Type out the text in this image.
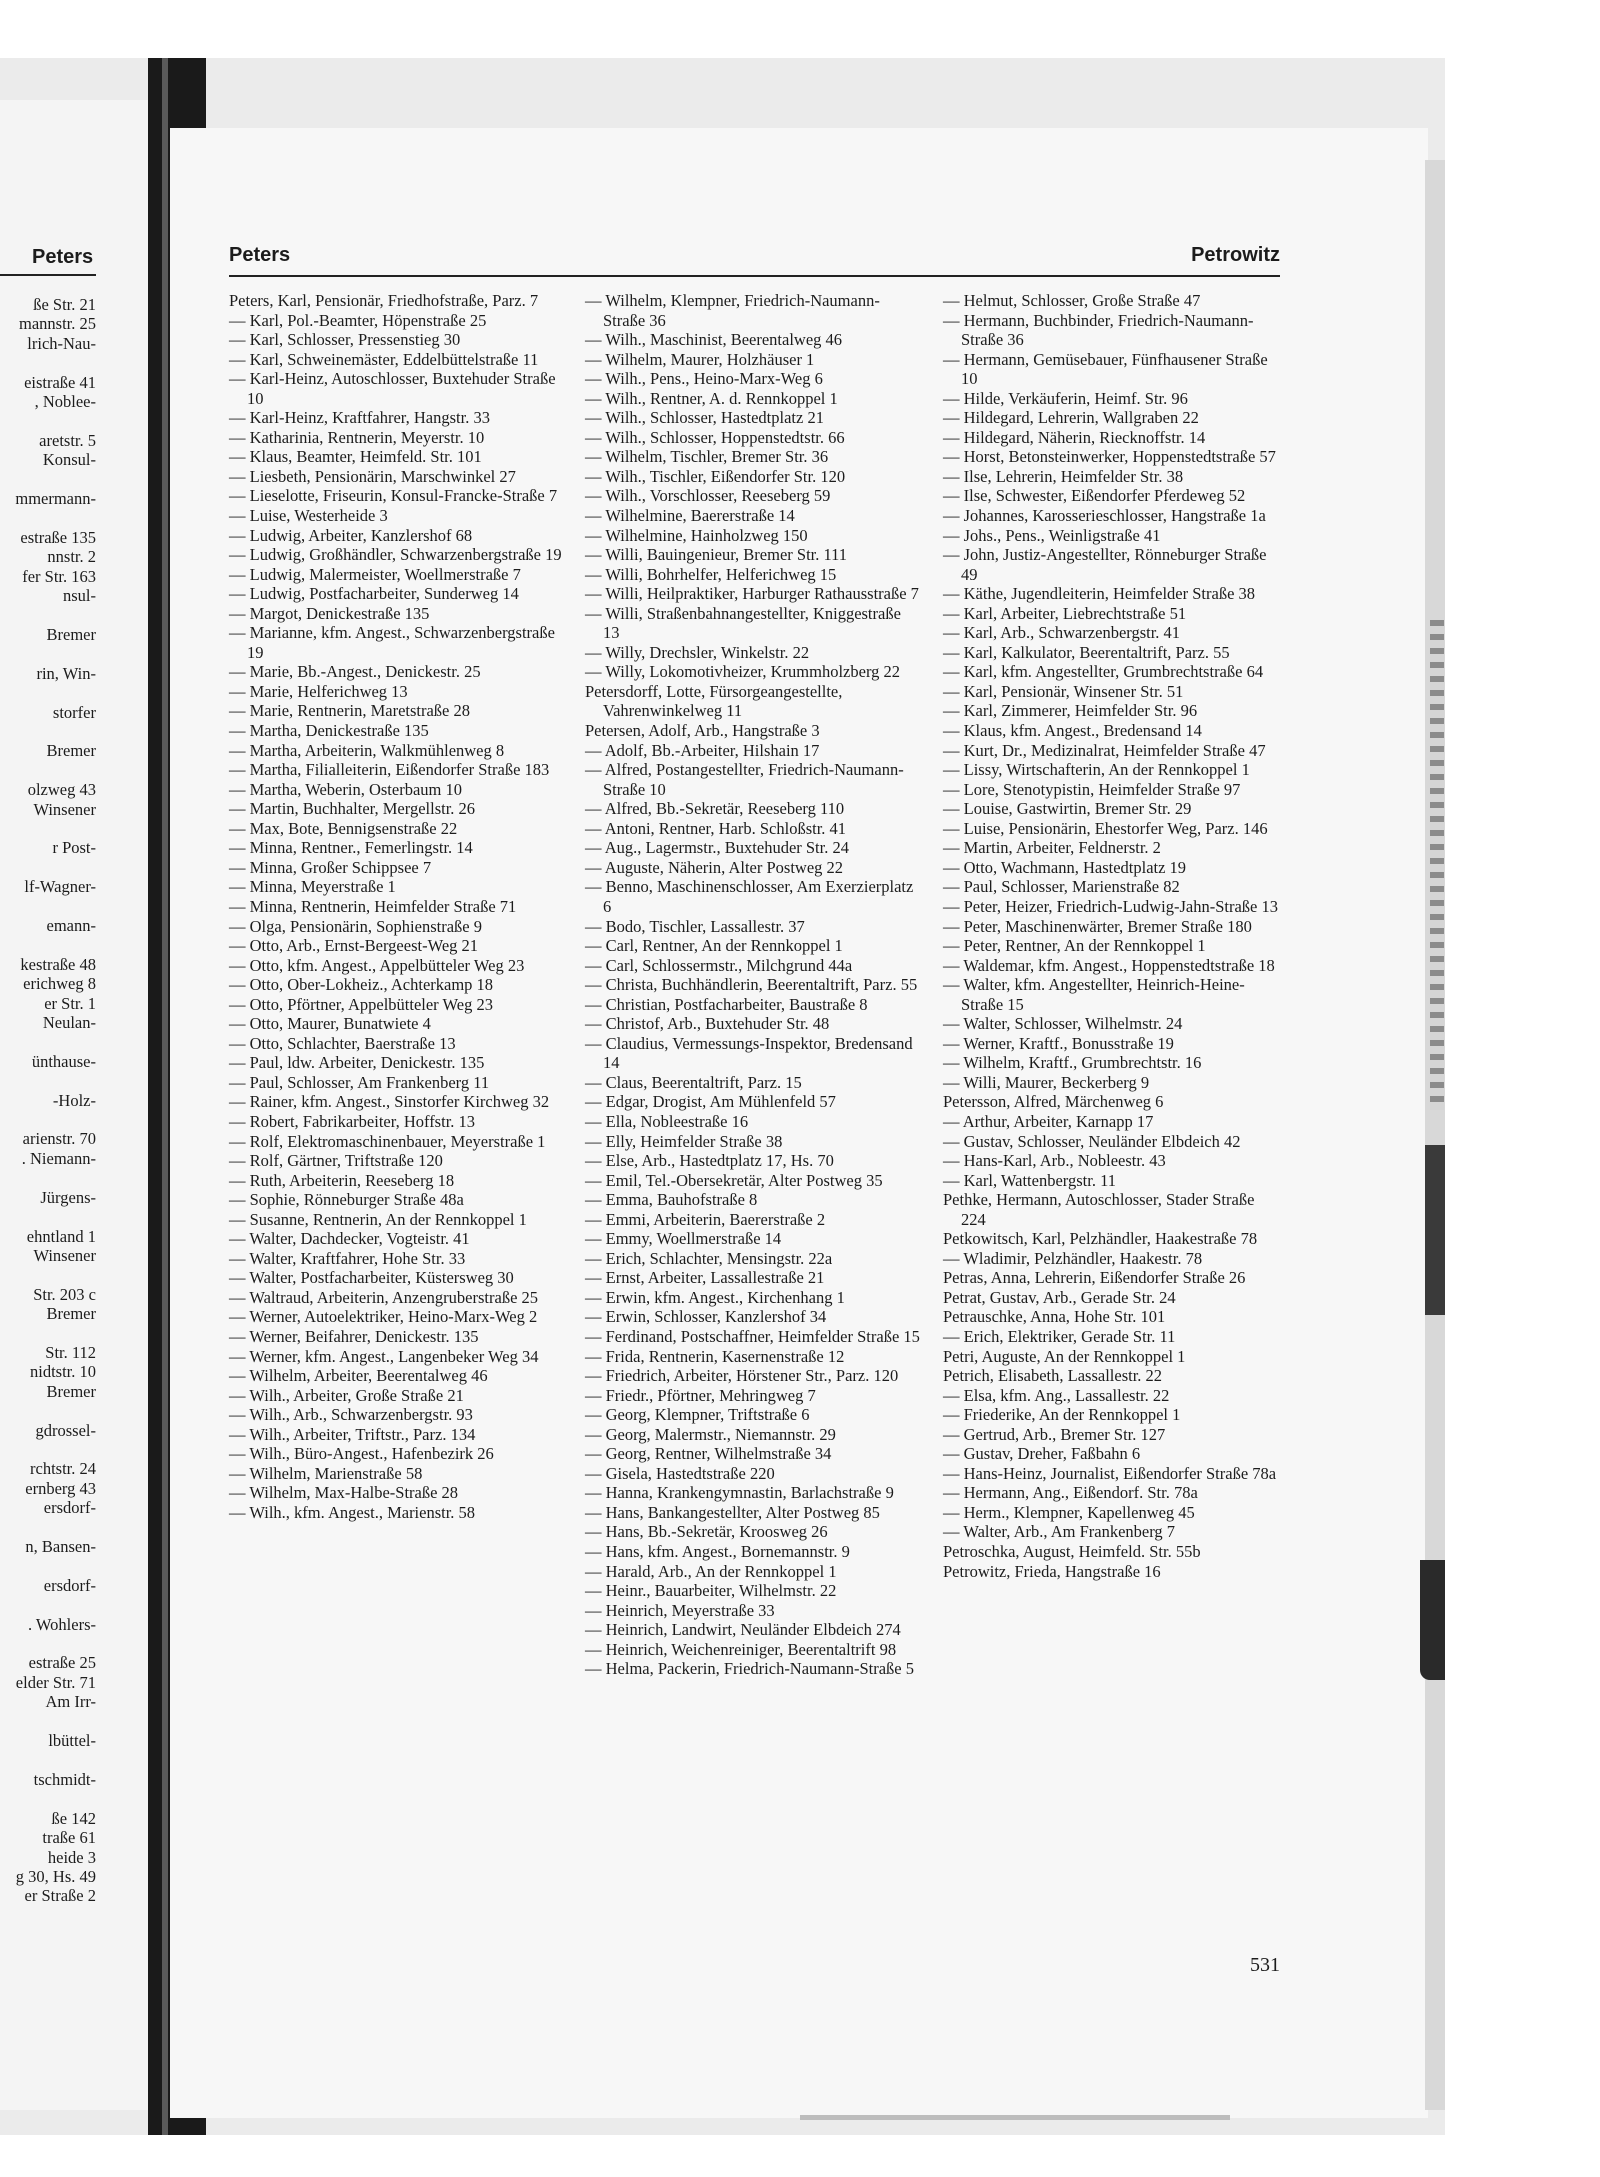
Peters
ße Str. 21
mannstr. 25
lrich-Nau-

eistraße 41
, Noblee-

aretstr. 5
Konsul-

mmermann-

estraße 135
nnstr. 2
fer Str. 163
nsul-

Bremer

rin, Win-

storfer

Bremer

olzweg 43
Winsener

r Post-

lf-Wagner-

emann-

kestraße 48
erichweg 8
er Str. 1
Neulan-

ünthause-

-Holz-

arienstr. 70
. Niemann-

Jürgens-

ehntland 1
Winsener

Str. 203 c
Bremer

Str. 112
nidtstr. 10
Bremer

gdrossel-

rchtstr. 24
ernberg 43
ersdorf-

n, Bansen-

ersdorf-

. Wohlers-

estraße 25
elder Str. 71
Am Irr-

lbüttel-

tschmidt-

ße 142
traße 61
heide 3
g 30, Hs. 49
er Straße 2
Peters	Petrowitz

Peters, Karl, Pensionär, Friedhofstraße, Parz. 7

— Karl, Pol.-Beamter, Höpenstraße 25

— Karl, Schlosser, Pressenstieg 30

— Karl, Schweinemäster, Eddelbüttelstraße 11

— Karl-Heinz, Autoschlosser, Buxtehuder Straße 10

— Karl-Heinz, Kraftfahrer, Hangstr. 33

— Katharinia, Rentnerin, Meyerstr. 10

— Klaus, Beamter, Heimfeld. Str. 101

— Liesbeth, Pensionärin, Marschwinkel 27

— Lieselotte, Friseurin, Konsul-Francke-Straße 7

— Luise, Westerheide 3

— Ludwig, Arbeiter, Kanzlershof 68

— Ludwig, Großhändler, Schwarzenbergstraße 19

— Ludwig, Malermeister, Woellmerstraße 7

— Ludwig, Postfacharbeiter, Sunderweg 14

— Margot, Denickestraße 135

— Marianne, kfm. Angest., Schwarzenbergstraße 19

— Marie, Bb.-Angest., Denickestr. 25

— Marie, Helferichweg 13

— Marie, Rentnerin, Maretstraße 28

— Martha, Denickestraße 135

— Martha, Arbeiterin, Walkmühlenweg 8

— Martha, Filialleiterin, Eißendorfer Straße 183

— Martha, Weberin, Osterbaum 10

— Martin, Buchhalter, Mergellstr. 26

— Max, Bote, Bennigsenstraße 22

— Minna, Rentner., Femerlingstr. 14

— Minna, Großer Schippsee 7

— Minna, Meyerstraße 1

— Minna, Rentnerin, Heimfelder Straße 71

— Olga, Pensionärin, Sophienstraße 9

— Otto, Arb., Ernst-Bergeest-Weg 21

— Otto, kfm. Angest., Appelbütteler Weg 23

— Otto, Ober-Lokheiz., Achterkamp 18

— Otto, Pförtner, Appelbütteler Weg 23

— Otto, Maurer, Bunatwiete 4

— Otto, Schlachter, Baerstraße 13

— Paul, ldw. Arbeiter, Denickestr. 135

— Paul, Schlosser, Am Frankenberg 11

— Rainer, kfm. Angest., Sinstorfer Kirchweg 32

— Robert, Fabrikarbeiter, Hoffstr. 13

— Rolf, Elektromaschinenbauer, Meyerstraße 1

— Rolf, Gärtner, Triftstraße 120

— Ruth, Arbeiterin, Reeseberg 18

— Sophie, Rönneburger Straße 48a

— Susanne, Rentnerin, An der Rennkoppel 1

— Walter, Dachdecker, Vogteistr. 41

— Walter, Kraftfahrer, Hohe Str. 33

— Walter, Postfacharbeiter, Küstersweg 30

— Waltraud, Arbeiterin, Anzengruberstraße 25

— Werner, Autoelektriker, Heino-Marx-Weg 2

— Werner, Beifahrer, Denickestr. 135

— Werner, kfm. Angest., Langenbeker Weg 34

— Wilhelm, Arbeiter, Beerentalweg 46

— Wilh., Arbeiter, Große Straße 21

— Wilh., Arb., Schwarzenbergstr. 93

— Wilh., Arbeiter, Triftstr., Parz. 134

— Wilh., Büro-Angest., Hafenbezirk 26

— Wilhelm, Marienstraße 58

— Wilhelm, Max-Halbe-Straße 28

— Wilh., kfm. Angest., Marienstr. 58

— Wilhelm, Klempner, Friedrich-Naumann-Straße 36

— Wilh., Maschinist, Beerentalweg 46

— Wilhelm, Maurer, Holzhäuser 1

— Wilh., Pens., Heino-Marx-Weg 6

— Wilh., Rentner, A. d. Rennkoppel 1

— Wilh., Schlosser, Hastedtplatz 21

— Wilh., Schlosser, Hoppenstedtstr. 66

— Wilhelm, Tischler, Bremer Str. 36

— Wilh., Tischler, Eißendorfer Str. 120

— Wilh., Vorschlosser, Reeseberg 59

— Wilhelmine, Baererstraße 14

— Wilhelmine, Hainholzweg 150

— Willi, Bauingenieur, Bremer Str. 111

— Willi, Bohrhelfer, Helferichweg 15

— Willi, Heilpraktiker, Harburger Rathausstraße 7

— Willi, Straßenbahnangestellter, Kniggestraße 13

— Willy, Drechsler, Winkelstr. 22

— Willy, Lokomotivheizer, Krummholzberg 22

Petersdorff, Lotte, Fürsorgeangestellte, Vahrenwinkelweg 11

Petersen, Adolf, Arb., Hangstraße 3

— Adolf, Bb.-Arbeiter, Hilshain 17

— Alfred, Postangestellter, Friedrich-Naumann-Straße 10

— Alfred, Bb.-Sekretär, Reeseberg 110

— Antoni, Rentner, Harb. Schloßstr. 41

— Aug., Lagermstr., Buxtehuder Str. 24

— Auguste, Näherin, Alter Postweg 22

— Benno, Maschinenschlosser, Am Exerzierplatz 6

— Bodo, Tischler, Lassallestr. 37

— Carl, Rentner, An der Rennkoppel 1

— Carl, Schlossermstr., Milchgrund 44a

— Christa, Buchhändlerin, Beerentaltrift, Parz. 55

— Christian, Postfacharbeiter, Baustraße 8

— Christof, Arb., Buxtehuder Str. 48

— Claudius, Vermessungs-Inspektor, Bredensand 14

— Claus, Beerentaltrift, Parz. 15

— Edgar, Drogist, Am Mühlenfeld 57

— Ella, Nobleestraße 16

— Elly, Heimfelder Straße 38

— Else, Arb., Hastedtplatz 17, Hs. 70

— Emil, Tel.-Obersekretär, Alter Postweg 35

— Emma, Bauhofstraße 8

— Emmi, Arbeiterin, Baererstraße 2

— Emmy, Woellmerstraße 14

— Erich, Schlachter, Mensingstr. 22a

— Ernst, Arbeiter, Lassallestraße 21

— Erwin, kfm. Angest., Kirchenhang 1

— Erwin, Schlosser, Kanzlershof 34

— Ferdinand, Postschaffner, Heimfelder Straße 15

— Frida, Rentnerin, Kasernenstraße 12

— Friedrich, Arbeiter, Hörstener Str., Parz. 120

— Friedr., Pförtner, Mehringweg 7

— Georg, Klempner, Triftstraße 6

— Georg, Malermstr., Niemannstr. 29

— Georg, Rentner, Wilhelmstraße 34

— Gisela, Hastedtstraße 220

— Hanna, Krankengymnastin, Barlachstraße 9

— Hans, Bankangestellter, Alter Postweg 85

— Hans, Bb.-Sekretär, Kroosweg 26

— Hans, kfm. Angest., Bornemannstr. 9

— Harald, Arb., An der Rennkoppel 1

— Heinr., Bauarbeiter, Wilhelmstr. 22

— Heinrich, Meyerstraße 33

— Heinrich, Landwirt, Neuländer Elbdeich 274

— Heinrich, Weichenreiniger, Beerentaltrift 98

— Helma, Packerin, Friedrich-Naumann-Straße 5

— Helmut, Schlosser, Große Straße 47

— Hermann, Buchbinder, Friedrich-Naumann-Straße 36

— Hermann, Gemüsebauer, Fünfhausener Straße 10

— Hilde, Verkäuferin, Heimf. Str. 96

— Hildegard, Lehrerin, Wallgraben 22

— Hildegard, Näherin, Riecknoffstr. 14

— Horst, Betonsteinwerker, Hoppenstedtstraße 57

— Ilse, Lehrerin, Heimfelder Str. 38

— Ilse, Schwester, Eißendorfer Pferdeweg 52

— Johannes, Karosserieschlosser, Hangstraße 1a

— Johs., Pens., Weinligstraße 41

— John, Justiz-Angestellter, Rönneburger Straße 49

— Käthe, Jugendleiterin, Heimfelder Straße 38

— Karl, Arbeiter, Liebrechtstraße 51

— Karl, Arb., Schwarzenbergstr. 41

— Karl, Kalkulator, Beerentaltrift, Parz. 55

— Karl, kfm. Angestellter, Grumbrechtstraße 64

— Karl, Pensionär, Winsener Str. 51

— Karl, Zimmerer, Heimfelder Str. 96

— Klaus, kfm. Angest., Bredensand 14

— Kurt, Dr., Medizinalrat, Heimfelder Straße 47

— Lissy, Wirtschafterin, An der Rennkoppel 1

— Lore, Stenotypistin, Heimfelder Straße 97

— Louise, Gastwirtin, Bremer Str. 29

— Luise, Pensionärin, Ehestorfer Weg, Parz. 146

— Martin, Arbeiter, Feldnerstr. 2

— Otto, Wachmann, Hastedtplatz 19

— Paul, Schlosser, Marienstraße 82

— Peter, Heizer, Friedrich-Ludwig-Jahn-Straße 13

— Peter, Maschinenwärter, Bremer Straße 180

— Peter, Rentner, An der Rennkoppel 1

— Waldemar, kfm. Angest., Hoppenstedtstraße 18

— Walter, kfm. Angestellter, Heinrich-Heine-Straße 15

— Walter, Schlosser, Wilhelmstr. 24

— Werner, Kraftf., Bonusstraße 19

— Wilhelm, Kraftf., Grumbrechtstr. 16

— Willi, Maurer, Beckerberg 9

Petersson, Alfred, Märchenweg 6

— Arthur, Arbeiter, Karnapp 17

— Gustav, Schlosser, Neuländer Elbdeich 42

— Hans-Karl, Arb., Nobleestr. 43

— Karl, Wattenbergstr. 11

Pethke, Hermann, Autoschlosser, Stader Straße 224

Petkowitsch, Karl, Pelzhändler, Haakestraße 78

— Wladimir, Pelzhändler, Haakestr. 78

Petras, Anna, Lehrerin, Eißendorfer Straße 26

Petrat, Gustav, Arb., Gerade Str. 24

Petrauschke, Anna, Hohe Str. 101

— Erich, Elektriker, Gerade Str. 11

Petri, Auguste, An der Rennkoppel 1

Petrich, Elisabeth, Lassallestr. 22

— Elsa, kfm. Ang., Lassallestr. 22

— Friederike, An der Rennkoppel 1

— Gertrud, Arb., Bremer Str. 127

— Gustav, Dreher, Faßbahn 6

— Hans-Heinz, Journalist, Eißendorfer Straße 78a

— Hermann, Ang., Eißendorf. Str. 78a

— Herm., Klempner, Kapellenweg 45

— Walter, Arb., Am Frankenberg 7

Petroschka, August, Heimfeld. Str. 55b

Petrowitz, Frieda, Hangstraße 16

531
